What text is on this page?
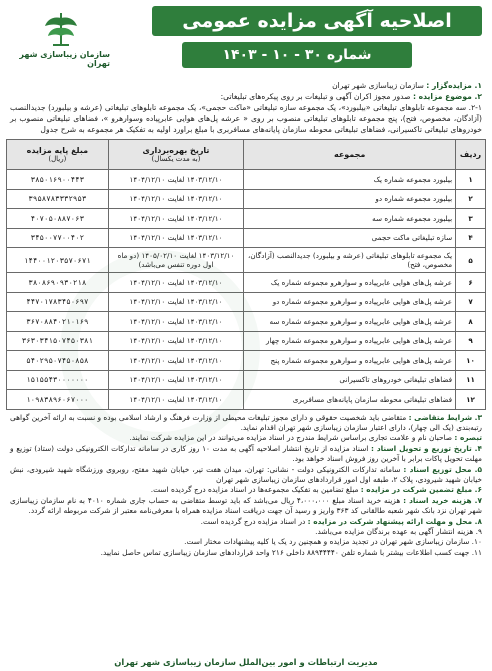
اصلاحیه آگهی مزایده عمومی
شماره ۳۰ - ۱۰ - ۱۴۰۳
سازمان زیباسازی شهر تهران
۱. مزایده‌گزار : سازمان زیباسازی شهر تهران
۲. موضوع مزایده : صدور مجوز اکران آگهی و تبلیغات بر روی پیکره‌های تبلیغاتی:
۲-۱. سه مجموعه تابلوهای تبلیغاتی «بیلبورد»، یک مجموعه سازه تبلیغاتی «ماکت حجمی»، یک مجموعه تابلوهای تبلیغاتی (عرشه و بیلبورد) جدیدالنصب (آزادگان، مخصوص، فتح)، پنج مجموعه تابلوهای تبلیغاتی منصوب بر روی « عرشه پل‌های هوایی عابرپیاده وسوارهرو »، فضاهای تبلیغاتی منصوب بر خودروهای تبلیغاتی تاکسیرانی، فضاهای تبلیغاتی محوطه سازمان پایانه‌های مسافربری با مبلغ براورد اولیه به تفکیک هر مجموعه به شرح جدول
ردیف	مجموعه	تاریخ بهره‌برداری
(به مدت یکسال)	مبلغ پایه مزایده
(ریال)

۱	بیلبورد مجموعه شماره یک	۱۴۰۳/۱۲/۱۰ لغایت ۱۴۰۴/۱۲/۱۰	۳۸۵۰۱۶۹۰۰۴۴۳
۲	بیلبورد مجموعه شماره دو	۱۴۰۳/۱۲/۱۰ لغایت ۱۴۰۴/۱۲/۱۰	۳۹۵۸۷۸۳۳۳۲۹۵۳
۳	بیلبورد مجموعه شماره سه	۱۴۰۳/۱۲/۱۰ لغایت ۱۴۰۴/۱۲/۱۰	۴۰۷۰۵۰۸۸۷۰۶۳
۴	سازه تبلیغاتی ماکت حجمی	۱۴۰۳/۱۲/۱۰ لغایت ۱۴۰۴/۱۲/۱۰	۳۴۵۰۰۷۷۰۰۴۰۲
۵	یک مجموعه تابلوهای تبلیغاتی (عرشه و بیلبورد) جدیدالنصب (آزادگان، مخصوص، فتح)	۱۴۰۳/۱۲/۱۰ لغایت ۱۴۰۵/۰۲/۱۰ (دو ماه اول دوره تنفس می‌باشد)	۱۴۴۰۰۱۲۰۳۵۷۰۶۷۱
۶	عرشه پل‌های هوایی عابرپیاده و سوارهرو مجموعه شماره یک	۱۴۰۳/۱۲/۱۰ لغایت ۱۴۰۴/۱۲/۱۰	۳۸۰۸۶۹۰۹۳۰۲۱۸
۷	عرشه پل‌های هوایی عابرپیاده و سوارهرو مجموعه شماره دو	۱۴۰۳/۱۲/۱۰ لغایت ۱۴۰۴/۱۲/۱۰	۴۴۷۰۱۷۸۳۴۵۰۶۹۷
۸	عرشه پل‌های هوایی عابرپیاده و سوارهرو مجموعه شماره سه	۱۴۰۳/۱۲/۱۰ لغایت ۱۴۰۴/۱۲/۱۰	۳۶۷۰۸۸۴۰۲۱۰۱۶۹
۹	عرشه پل‌های هوایی عابرپیاده و سوارهرو مجموعه شماره چهار	۱۴۰۳/۱۲/۱۰ لغایت ۱۴۰۴/۱۲/۱۰	۳۶۳۰۳۴۱۵۰۷۴۵۰۳۸۱
۱۰	عرشه پل‌های هوایی عابرپیاده و سوارهرو مجموعه شماره پنج	۱۴۰۳/۱۲/۱۰ لغایت ۱۴۰۴/۱۲/۱۰	۵۴۰۲۹۵۰۷۴۵۰۸۵۸
۱۱	فضاهای تبلیغاتی خودروهای تاکسیرانی	۱۴۰۳/۱۲/۱۰ لغایت ۱۴۰۴/۱۲/۱۰	۱۵۱۵۵۴۳۰۰۰۰۰۰۰
۱۲	فضاهای تبلیغاتی محوطه سازمان پایانه‌های مسافربری	۱۴۰۳/۱۲/۱۰ لغایت ۱۴۰۴/۱۲/۱۰	۱۰۹۸۳۸۹۶۰۶۷۰۰۰
۳. شرایط متقاضی : متقاضی باید شخصیت حقوقی و دارای مجوز تبلیغات محیطی از وزارت فرهنگ و ارشاد اسلامی بوده و نسبت به ارائه آخرین گواهی رتبه‌بندی (یک الی چهار)، دارای اعتبار سازمان زیباسازی شهر تهران اقدام نماید.
تبصره : صاحبان نام و علامت تجاری براساس شرایط مندرج در اسناد مزایده می‌توانند در این مزایده شرکت نمایند.
۴. تاریخ توزیع و تحویل اسناد : اسناد مزایده از تاریخ انتشار اصلاحیه آگهی به مدت ۱۰ روز کاری در سامانه تدارکات الکترونیکی دولت (ستاد) توزیع و مهلت تحویل پاکات برابر با آخرین روز فروش اسناد خواهد بود.
۵. محل توزیع اسناد : سامانه تدارکات الکترونیکی دولت - نشانی: تهران، میدان هفت تیر، خیابان شهید مفتح، روبروی ورزشگاه شهید شیرودی، نبش خیابان شهید شیرودی، پلاک ۲، طبقه اول امور قراردادهای سازمان زیباسازی شهر تهران
۶. مبلغ تضمین شرکت در مزایده : مبلغ تضامین به تفکیک مجموعه‌ها در اسناد مزایده درج گردیده است.
۷. هزینه خرید اسناد : هزینه خرید اسناد مبلغ ۴،۰۰۰،۰۰۰ ریال می‌باشد که باید توسط متقاضی به حساب جاری شماره ۴۰۱۰ به نام سازمان زیباسازی شهر تهران نزد بانک شهر شعبه طالقانی کد ۳۶۳ واریز و رسید آن جهت دریافت اسناد مزایده همراه با معرفی‌نامه معتبر از شرکت مربوطه ارائه گردد.
۸. محل و مهلت ارائه پیشنهاد شرکت در مزایده : در اسناد مزایده درج گردیده است.
۹. هزینه انتشار آگهی به عهده برندگان مزایده می‌باشد.
۱۰. سازمان زیباسازی شهر تهران در تجدید مزایده و همچنین رد یک یا کلیه پیشنهادات مختار است.
۱۱. جهت کسب اطلاعات بیشتر با شماره تلفن ۸۸۹۴۴۴۴۰ داخلی ۲۱۶ واحد قراردادهای سازمان زیباسازی تماس حاصل نمایید.
مدیریت ارتباطات و امور بین‌الملل سازمان زیباسازی شهر تهران
